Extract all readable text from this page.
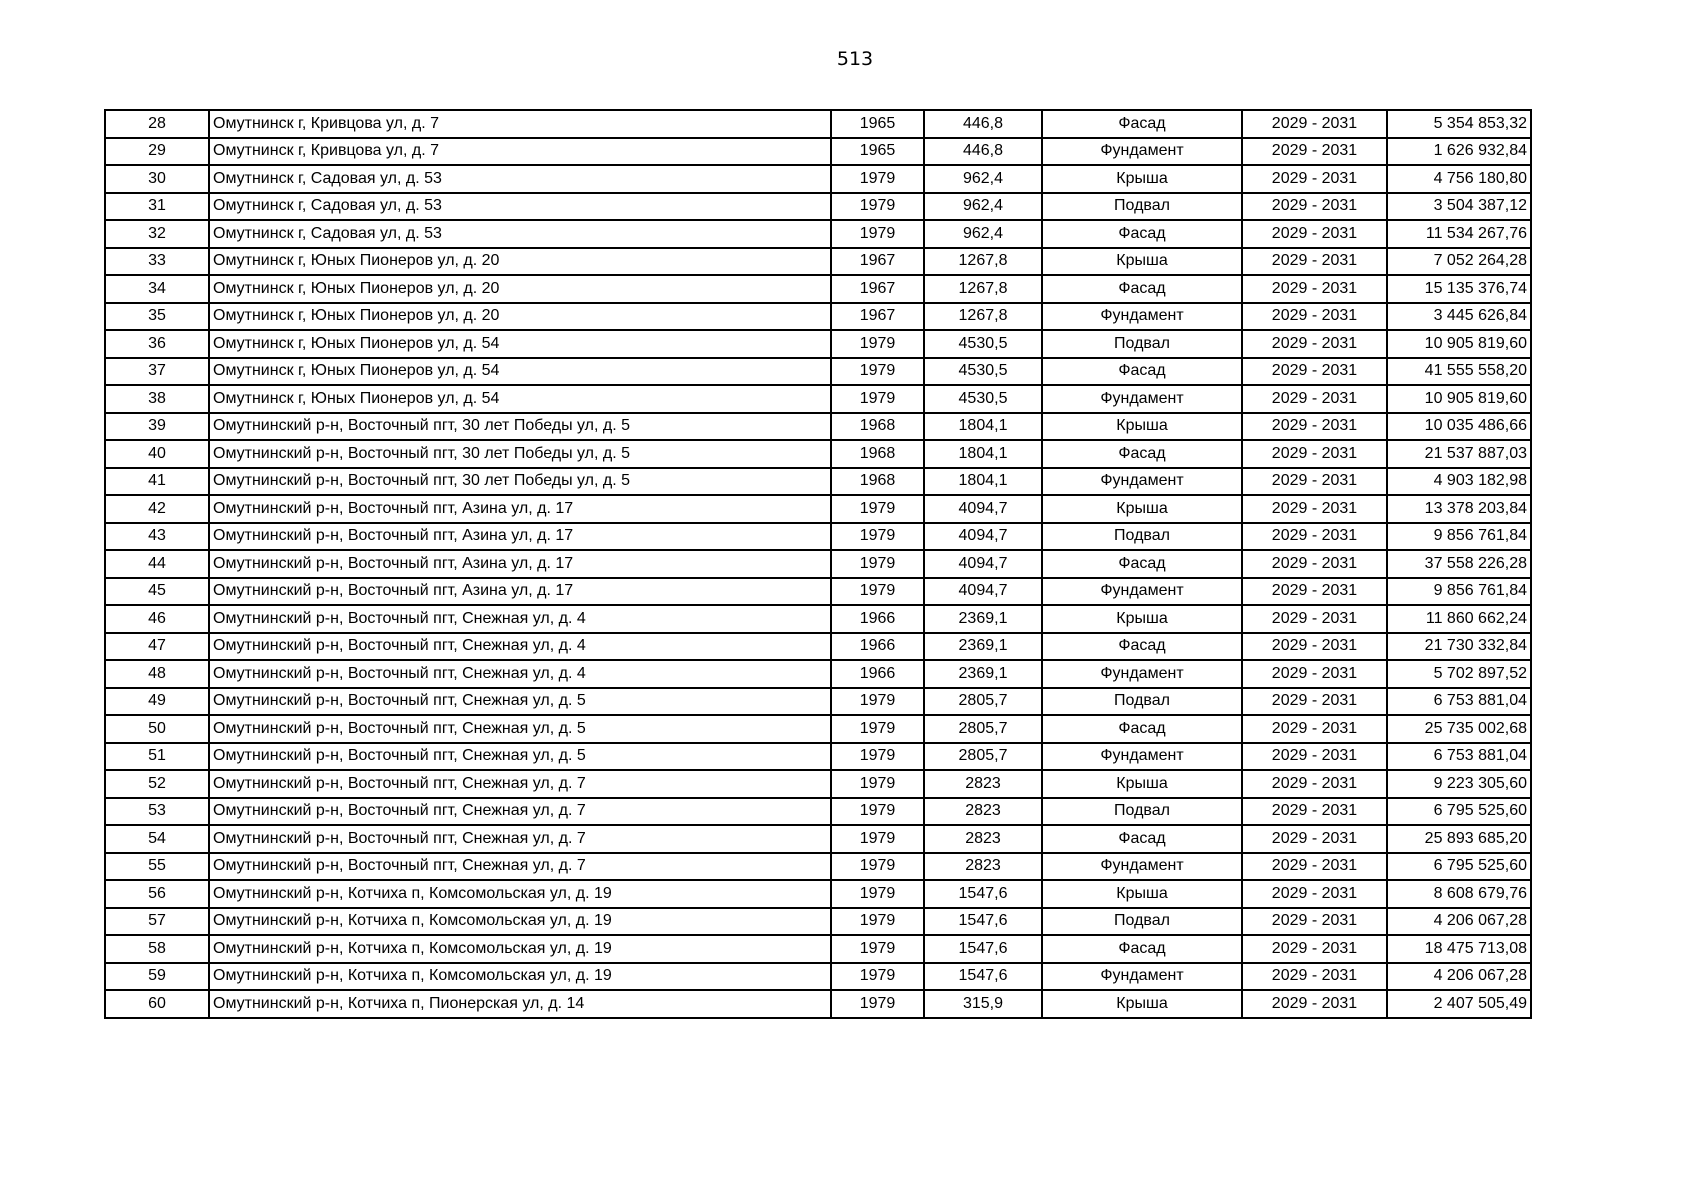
513
28	Омутнинск г, Кривцова ул, д. 7	1965	446,8	Фасад	2029 - 2031	5 354 853,32
29	Омутнинск г, Кривцова ул, д. 7	1965	446,8	Фундамент	2029 - 2031	1 626 932,84
30	Омутнинск г, Садовая ул, д. 53	1979	962,4	Крыша	2029 - 2031	4 756 180,80
31	Омутнинск г, Садовая ул, д. 53	1979	962,4	Подвал	2029 - 2031	3 504 387,12
32	Омутнинск г, Садовая ул, д. 53	1979	962,4	Фасад	2029 - 2031	11 534 267,76
33	Омутнинск г, Юных Пионеров ул, д. 20	1967	1267,8	Крыша	2029 - 2031	7 052 264,28
34	Омутнинск г, Юных Пионеров ул, д. 20	1967	1267,8	Фасад	2029 - 2031	15 135 376,74
35	Омутнинск г, Юных Пионеров ул, д. 20	1967	1267,8	Фундамент	2029 - 2031	3 445 626,84
36	Омутнинск г, Юных Пионеров ул, д. 54	1979	4530,5	Подвал	2029 - 2031	10 905 819,60
37	Омутнинск г, Юных Пионеров ул, д. 54	1979	4530,5	Фасад	2029 - 2031	41 555 558,20
38	Омутнинск г, Юных Пионеров ул, д. 54	1979	4530,5	Фундамент	2029 - 2031	10 905 819,60
39	Омутнинский р-н, Восточный пгт, 30 лет Победы ул, д. 5	1968	1804,1	Крыша	2029 - 2031	10 035 486,66
40	Омутнинский р-н, Восточный пгт, 30 лет Победы ул, д. 5	1968	1804,1	Фасад	2029 - 2031	21 537 887,03
41	Омутнинский р-н, Восточный пгт, 30 лет Победы ул, д. 5	1968	1804,1	Фундамент	2029 - 2031	4 903 182,98
42	Омутнинский р-н, Восточный пгт, Азина ул, д. 17	1979	4094,7	Крыша	2029 - 2031	13 378 203,84
43	Омутнинский р-н, Восточный пгт, Азина ул, д. 17	1979	4094,7	Подвал	2029 - 2031	9 856 761,84
44	Омутнинский р-н, Восточный пгт, Азина ул, д. 17	1979	4094,7	Фасад	2029 - 2031	37 558 226,28
45	Омутнинский р-н, Восточный пгт, Азина ул, д. 17	1979	4094,7	Фундамент	2029 - 2031	9 856 761,84
46	Омутнинский р-н, Восточный пгт, Снежная ул, д. 4	1966	2369,1	Крыша	2029 - 2031	11 860 662,24
47	Омутнинский р-н, Восточный пгт, Снежная ул, д. 4	1966	2369,1	Фасад	2029 - 2031	21 730 332,84
48	Омутнинский р-н, Восточный пгт, Снежная ул, д. 4	1966	2369,1	Фундамент	2029 - 2031	5 702 897,52
49	Омутнинский р-н, Восточный пгт, Снежная ул, д. 5	1979	2805,7	Подвал	2029 - 2031	6 753 881,04
50	Омутнинский р-н, Восточный пгт, Снежная ул, д. 5	1979	2805,7	Фасад	2029 - 2031	25 735 002,68
51	Омутнинский р-н, Восточный пгт, Снежная ул, д. 5	1979	2805,7	Фундамент	2029 - 2031	6 753 881,04
52	Омутнинский р-н, Восточный пгт, Снежная ул, д. 7	1979	2823	Крыша	2029 - 2031	9 223 305,60
53	Омутнинский р-н, Восточный пгт, Снежная ул, д. 7	1979	2823	Подвал	2029 - 2031	6 795 525,60
54	Омутнинский р-н, Восточный пгт, Снежная ул, д. 7	1979	2823	Фасад	2029 - 2031	25 893 685,20
55	Омутнинский р-н, Восточный пгт, Снежная ул, д. 7	1979	2823	Фундамент	2029 - 2031	6 795 525,60
56	Омутнинский р-н, Котчиха п, Комсомольская ул, д. 19	1979	1547,6	Крыша	2029 - 2031	8 608 679,76
57	Омутнинский р-н, Котчиха п, Комсомольская ул, д. 19	1979	1547,6	Подвал	2029 - 2031	4 206 067,28
58	Омутнинский р-н, Котчиха п, Комсомольская ул, д. 19	1979	1547,6	Фасад	2029 - 2031	18 475 713,08
59	Омутнинский р-н, Котчиха п, Комсомольская ул, д. 19	1979	1547,6	Фундамент	2029 - 2031	4 206 067,28
60	Омутнинский р-н, Котчиха п, Пионерская ул, д. 14	1979	315,9	Крыша	2029 - 2031	2 407 505,49
